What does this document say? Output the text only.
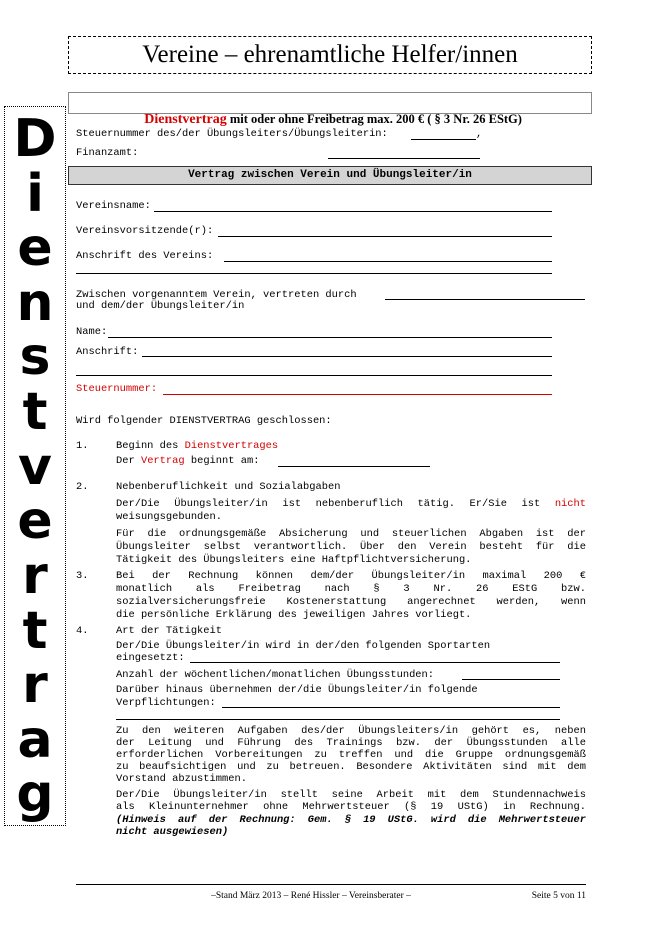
Vereine – ehrenamtliche Helfer/innen
D
i
e
n
s
t
v
e
r
t
r
a
g

Dienstvertrag mit oder ohne Freibetrag max. 200 € ( § 3 Nr. 26 EStG)

Steuernummer des/der Übungsleiters/Übungsleiterin:	,
Finanzamt:
Vertrag zwischen Verein und Übungsleiter/in
Vereinsname:
Vereinsvorsitzende(r):
Anschrift des Vereins:
Zwischen vorgenanntem Verein, vertreten durch
und dem/der Übungsleiter/in
Name:
Anschrift:
Steuernummer:
Wird folgender DIENSTVERTRAG geschlossen:
1.	Beginn des Dienstvertrages
Der Vertrag beginnt am:
2.	Nebenberuflichkeit und Sozialabgaben
Der/Die Übungsleiter/in ist nebenberuflich tätig. Er/Sie ist nicht
weisungsgebunden.
Für die ordnungsgemäße Absicherung und steuerlichen Abgaben ist der
Übungsleiter selbst verantwortlich. Über den Verein besteht für die
Tätigkeit des Übungsleiters eine Haftpflichtversicherung.
3.	Bei der Rechnung können dem/der Übungsleiter/in maximal 200 €
monatlich als Freibetrag nach § 3 Nr. 26 EStG bzw.
sozialversicherungsfreie Kostenerstattung angerechnet werden, wenn
die persönliche Erklärung des jeweiligen Jahres vorliegt.
4.	Art der Tätigkeit
Der/Die Übungsleiter/in wird in der/den folgenden Sportarten
eingesetzt:
Anzahl der wöchentlichen/monatlichen Übungsstunden:
Darüber hinaus übernehmen der/die Übungsleiter/in folgende
Verpflichtungen:
Zu den weiteren Aufgaben des/der Übungsleiters/in gehört es, neben
der Leitung und Führung des Trainings bzw. der Übungsstunden alle
erforderlichen Vorbereitungen zu treffen und die Gruppe ordnungsgemäß
zu beaufsichtigen und zu betreuen. Besondere Aktivitäten sind mit dem
Vorstand abzustimmen.
Der/Die Übungsleiter/in stellt seine Arbeit mit dem Stundennachweis
als Kleinunternehmer ohne Mehrwertsteuer (§ 19 UStG) in Rechnung.
(Hinweis auf der Rechnung: Gem. § 19 UStG. wird die Mehrwertsteuer
nicht ausgewiesen)
–Stand März 2013 – René Hissler – Vereinsberater –	Seite 5 von 11
